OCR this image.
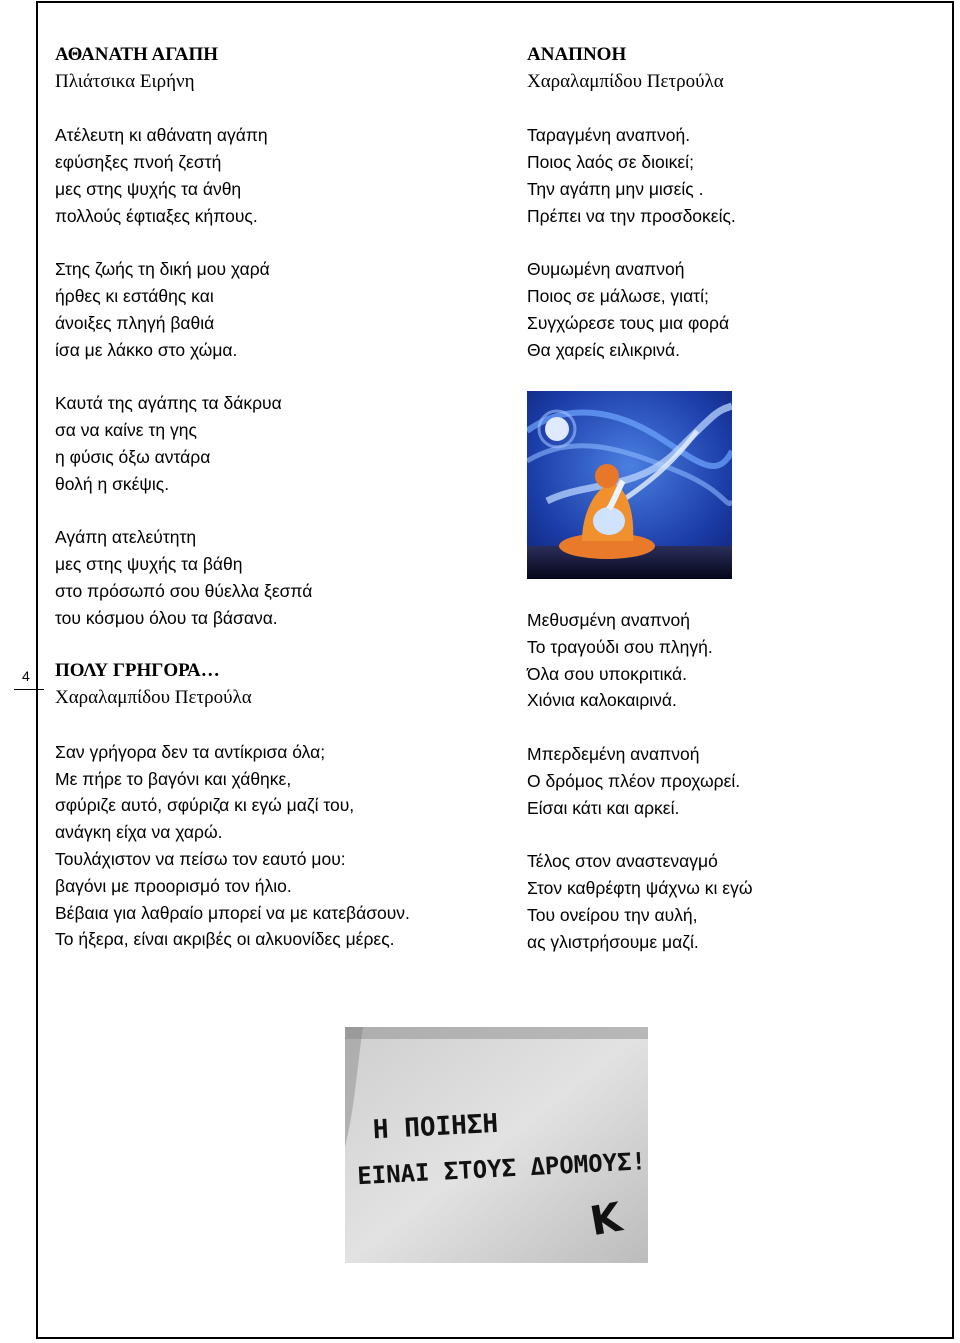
4
ΑΘΑΝΑΤΗ ΑΓΑΠΗ
Πλιάτσικα Ειρήνη
Ατέλευτη κι αθάνατη αγάπη
εφύσηξες πνοή ζεστή
μες στης ψυχής τα άνθη
πολλούς έφτιαξες κήπους.
Στης ζωής τη δική μου χαρά
ήρθες κι εστάθης και
άνοιξες πληγή βαθιά
ίσα με λάκκο στο χώμα.
Καυτά της αγάπης τα δάκρυα
σα να καίνε τη γης
η φύσις όξω αντάρα
θολή η σκέψις.
Αγάπη ατελεύτητη
μες στης ψυχής τα βάθη
στο πρόσωπό σου θύελλα ξεσπά
του κόσμου όλου τα βάσανα.
ΠΟΛΥ ΓΡΗΓΟΡΑ…
Χαραλαμπίδου Πετρούλα
Σαν γρήγορα δεν τα αντίκρισα όλα;
Με πήρε το βαγόνι και χάθηκε,
σφύριζε αυτό, σφύριζα κι εγώ μαζί του,
ανάγκη είχα να χαρώ.
Τουλάχιστον να πείσω τον εαυτό μου:
βαγόνι με προορισμό τον ήλιο.
Βέβαια για λαθραίο μπορεί να με κατεβάσουν.
Το ήξερα, είναι ακριβές οι αλκυονίδες μέρες.
ΑΝΑΠΝΟΗ
Χαραλαμπίδου Πετρούλα
Ταραγμένη αναπνοή.
Ποιος λαός σε διοικεί;
Την αγάπη μην μισείς .
Πρέπει να την προσδοκείς.
Θυμωμένη αναπνοή
Ποιος σε μάλωσε, γιατί;
Συγχώρεσε τους μια φορά
Θα χαρείς ειλικρινά.
Μεθυσμένη αναπνοή
Το τραγούδι σου πληγή.
Όλα σου υποκριτικά.
Χιόνια καλοκαιρινά.
Μπερδεμένη αναπνοή
Ο δρόμος πλέον προχωρεί.
Είσαι κάτι και αρκεί.
Τέλος στον αναστεναγμό
Στον καθρέφτη ψάχνω κι εγώ
Του ονείρου την αυλή,
ας γλιστρήσουμε μαζί.
Η ΠΟΙΗΣΗ
ΕΙΝΑΙ ΣΤΟΥΣ ΔΡΟΜΟΥΣ!
Κ
